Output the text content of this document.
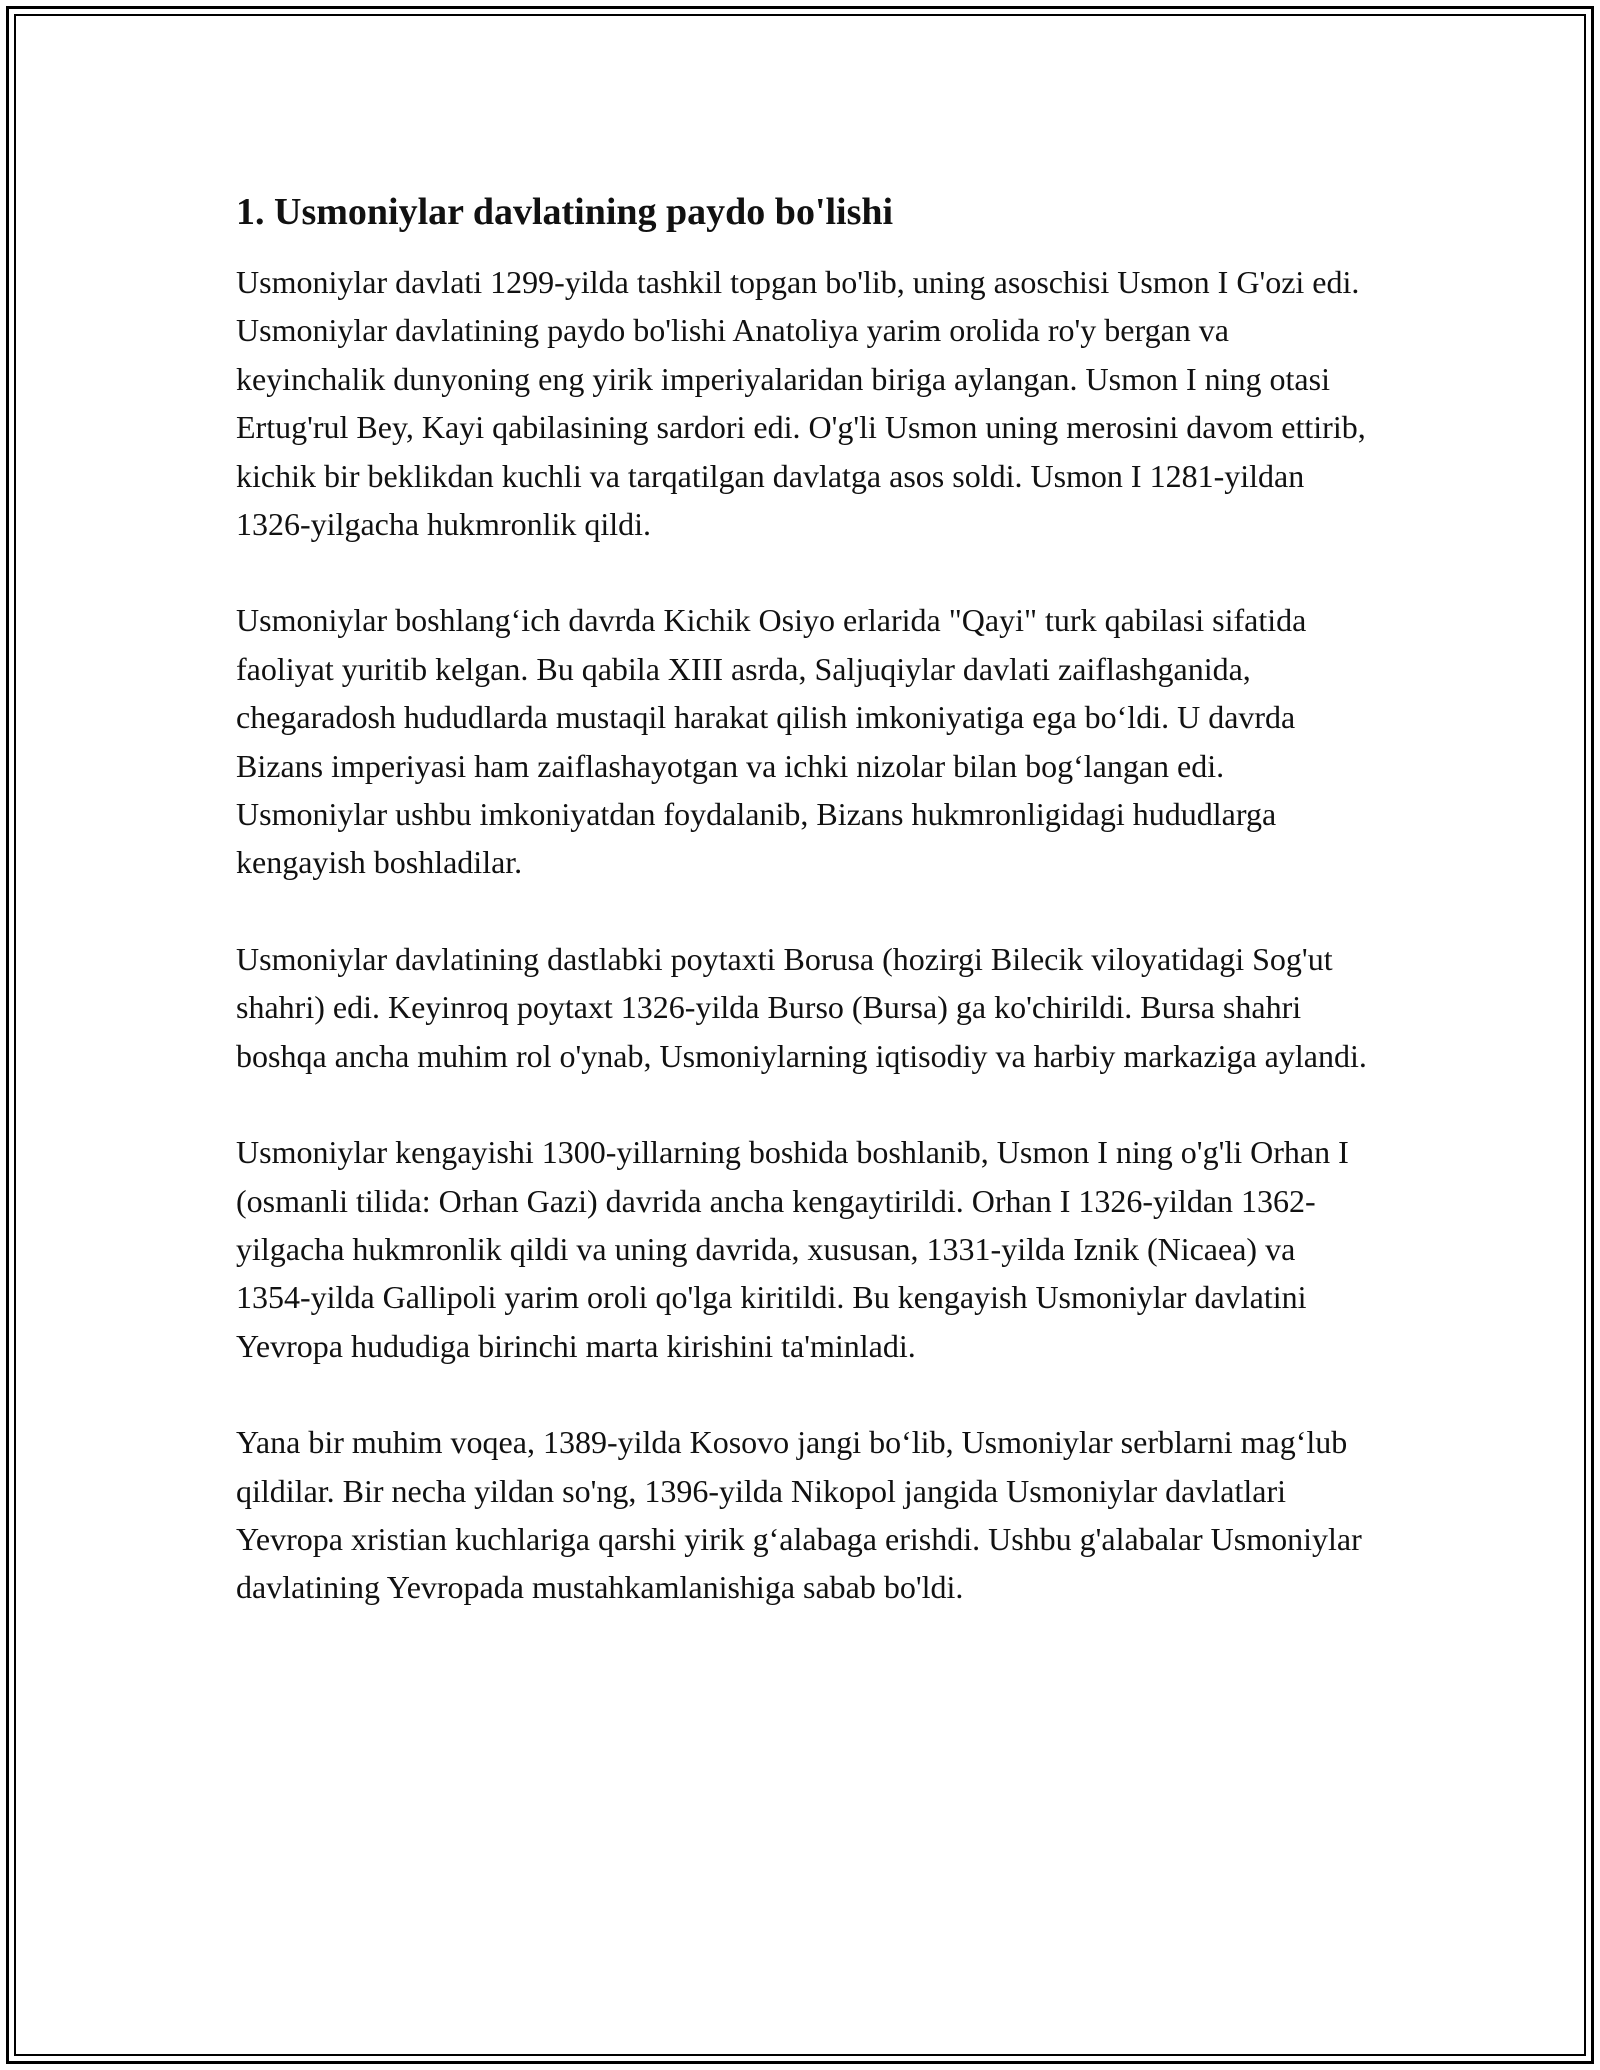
1. Usmoniylar davlatining paydo bo'lishi

Usmoniylar davlati 1299-yilda tashkil topgan bo'lib, uning asoschisi Usmon I G'ozi edi. Usmoniylar davlatining paydo bo'lishi Anatoliya yarim orolida ro'y bergan va keyinchalik dunyoning eng yirik imperiyalaridan biriga aylangan. Usmon I ning otasi Ertug'rul Bey, Kayi qabilasining sardori edi. O'g'li Usmon uning merosini davom ettirib, kichik bir beklikdan kuchli va tarqatilgan davlatga asos soldi. Usmon I 1281-yildan 1326-yilgacha hukmronlik qildi.

Usmoniylar boshlang‘ich davrda Kichik Osiyo erlarida "Qayi" turk qabilasi sifatida faoliyat yuritib kelgan. Bu qabila XIII asrda, Saljuqiylar davlati zaiflashganida, chegaradosh hududlarda mustaqil harakat qilish imkoniyatiga ega bo‘ldi. U davrda Bizans imperiyasi ham zaiflashayotgan va ichki nizolar bilan bog‘langan edi. Usmoniylar ushbu imkoniyatdan foydalanib, Bizans hukmronligidagi hududlarga kengayish boshladilar.

Usmoniylar davlatining dastlabki poytaxti Borusa (hozirgi Bilecik viloyatidagi Sog'ut shahri) edi. Keyinroq poytaxt 1326-yilda Burso (Bursa) ga ko'chirildi. Bursa shahri boshqa ancha muhim rol o'ynab, Usmoniylarning iqtisodiy va harbiy markaziga aylandi.

Usmoniylar kengayishi 1300-yillarning boshida boshlanib, Usmon I ning o'g'li Orhan I (osmanli tilida: Orhan Gazi) davrida ancha kengaytirildi. Orhan I 1326-yildan 1362-yilgacha hukmronlik qildi va uning davrida, xususan, 1331-yilda Iznik (Nicaea) va 1354-yilda Gallipoli yarim oroli qo'lga kiritildi. Bu kengayish Usmoniylar davlatini Yevropa hududiga birinchi marta kirishini ta'minladi.

Yana bir muhim voqea, 1389-yilda Kosovo jangi bo‘lib, Usmoniylar serblarni mag‘lub qildilar. Bir necha yildan so'ng, 1396-yilda Nikopol jangida Usmoniylar davlatlari Yevropa xristian kuchlariga qarshi yirik g‘alabaga erishdi. Ushbu g'alabalar Usmoniylar davlatining Yevropada mustahkamlanishiga sabab bo'ldi.
